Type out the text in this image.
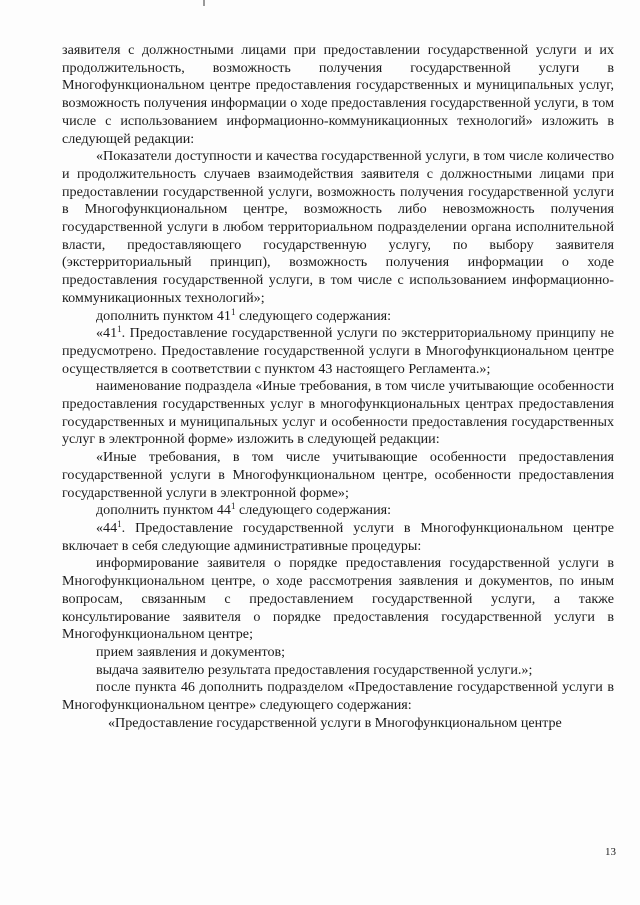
заявителя с должностными лицами при предоставлении государственной услуги и их продолжительность, возможность получения государственной услуги в Многофункциональном центре предоставления государственных и муниципальных услуг, возможность получения информации о ходе предоставления государственной услуги, в том числе с использованием информационно-коммуникационных технологий» изложить в следующей редакции:

«Показатели доступности и качества государственной услуги, в том числе количество и продолжительность случаев взаимодействия заявителя с должностными лицами при предоставлении государственной услуги, возможность получения государственной услуги в Многофункциональном центре, возможность либо невозможность получения государственной услуги в любом территориальном подразделении органа исполнительной власти, предоставляющего государственную услугу, по выбору заявителя (экстерриториальный принцип), возможность получения информации о ходе предоставления государственной услуги, в том числе с использованием информационно-коммуникационных технологий»;

дополнить пунктом $41^1$ следующего содержания:

«$41^1$. Предоставление государственной услуги по экстерриториальному принципу не предусмотрено. Предоставление государственной услуги в Многофункциональном центре осуществляется в соответствии с пунктом 43 настоящего Регламента.»;

наименование подраздела «Иные требования, в том числе учитывающие особенности предоставления государственных услуг в многофункциональных центрах предоставления государственных и муниципальных услуг и особенности предоставления государственных услуг в электронной форме» изложить в следующей редакции:

«Иные требования, в том числе учитывающие особенности предоставления государственной услуги в Многофункциональном центре, особенности предоставления государственной услуги в электронной форме»;

дополнить пунктом $44^1$ следующего содержания:

«$44^1$. Предоставление государственной услуги в Многофункциональном центре включает в себя следующие административные процедуры:

информирование заявителя о порядке предоставления государственной услуги в Многофункциональном центре, о ходе рассмотрения заявления и документов, по иным вопросам, связанным с предоставлением государственной услуги, а также консультирование заявителя о порядке предоставления государственной услуги в Многофункциональном центре;

прием заявления и документов;

выдача заявителю результата предоставления государственной услуги.»;

после пункта 46 дополнить подразделом «Предоставление государственной услуги в Многофункциональном центре» следующего содержания:

«Предоставление государственной услуги в Многофункциональном центре

13
